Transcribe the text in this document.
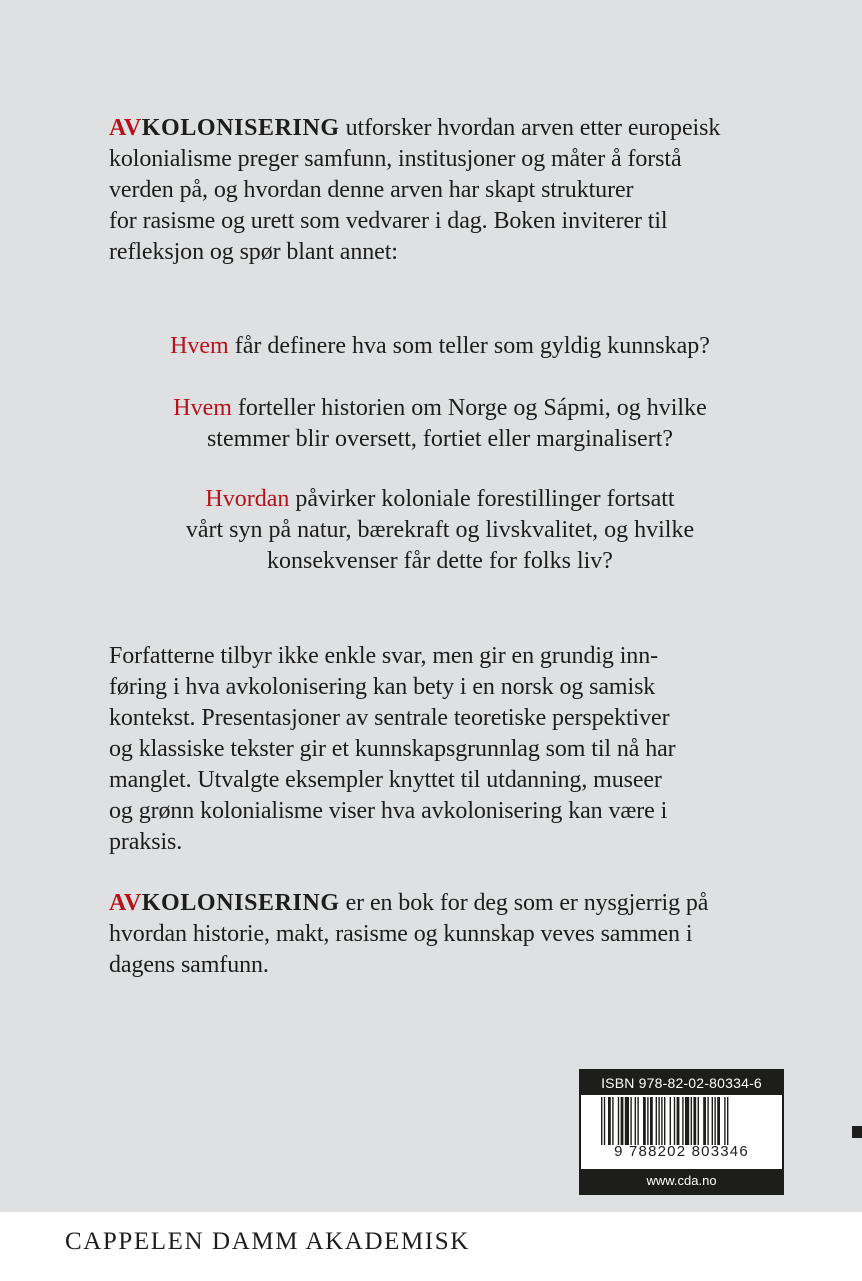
AVKOLONISERING utforsker hvordan arven etter europeisk
kolonialisme preger samfunn, institusjoner og måter å forstå
verden på, og hvordan denne arven har skapt strukturer
for rasisme og urett som vedvarer i dag. Boken inviterer til
refleksjon og spør blant annet:
Hvem får definere hva som teller som gyldig kunnskap?
Hvem forteller historien om Norge og Sápmi, og hvilke
stemmer blir oversett, fortiet eller marginalisert?
Hvordan påvirker koloniale forestillinger fortsatt
vårt syn på natur, bærekraft og livskvalitet, og hvilke
konsekvenser får dette for folks liv?
Forfatterne tilbyr ikke enkle svar, men gir en grundig inn-
føring i hva avkolonisering kan bety i en norsk og samisk
kontekst. Presentasjoner av sentrale teoretiske perspektiver
og klassiske tekster gir et kunnskapsgrunnlag som til nå har
manglet. Utvalgte eksempler knyttet til utdanning, museer
og grønn kolonialisme viser hva avkolonisering kan være i
praksis.
AVKOLONISERING er en bok for deg som er nysgjerrig på
hvordan historie, makt, rasisme og kunnskap veves sammen i
dagens samfunn.
ISBN 978-82-02-80334-6
9 788202 803346
www.cda.no
CAPPELEN DAMM AKADEMISK
